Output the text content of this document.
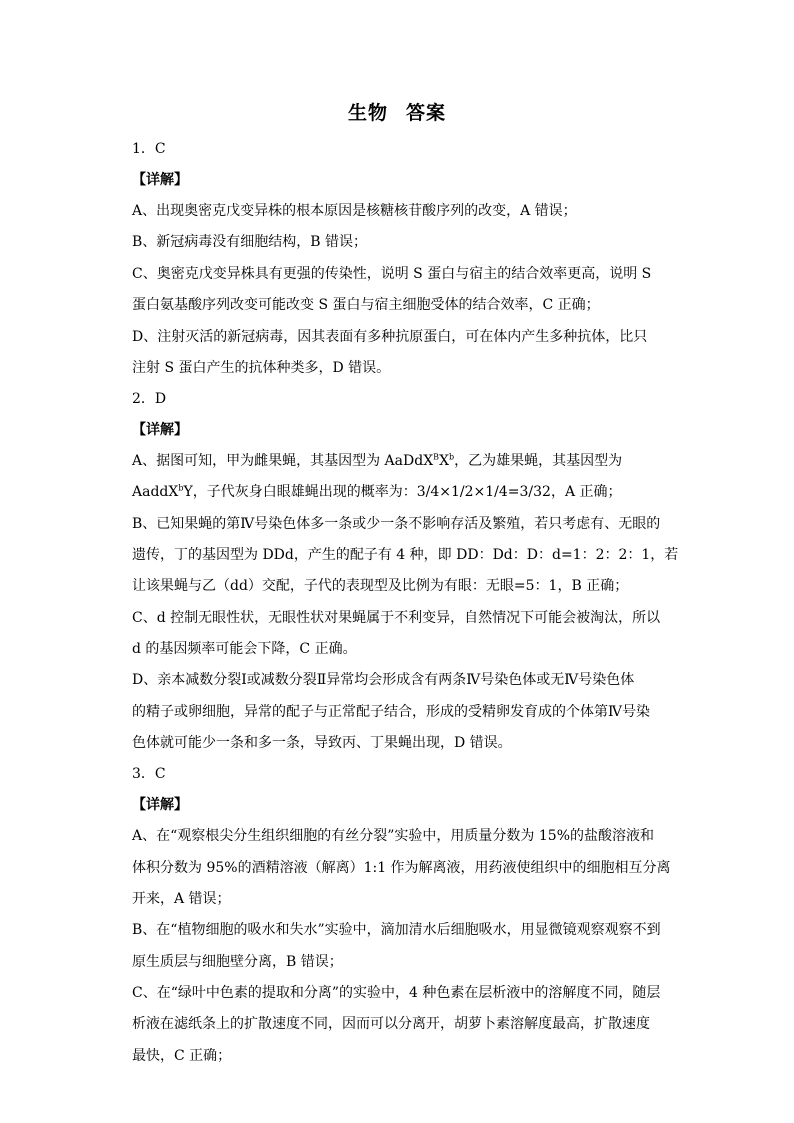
生物 答案
1．C
【详解】
A、出现奥密克戊变异株的根本原因是核糖核苷酸序列的改变，A 错误；
B、新冠病毒没有细胞结构，B 错误；
C、奥密克戊变异株具有更强的传染性，说明 S 蛋白与宿主的结合效率更高，说明 S
蛋白氨基酸序列改变可能改变 S 蛋白与宿主细胞受体的结合效率，C 正确；
D、注射灭活的新冠病毒，因其表面有多种抗原蛋白，可在体内产生多种抗体，比只
注射 S 蛋白产生的抗体种类多，D 错误。
2．D
【详解】
A、据图可知，甲为雌果蝇，其基因型为 $AaDdX^BX^b$，乙为雄果蝇，其基因型为
AaddX$^b$Y，子代灰身白眼雄蝇出现的概率为：3/4×1/2×1/4=3/32，A 正确；
B、已知果蝇的第Ⅳ号染色体多一条或少一条不影响存活及繁殖，若只考虑有、无眼的
遗传，丁的基因型为 DDd，产生的配子有 4 种，即 DD：Dd：D：d=1：2：2：1，若
让该果蝇与乙（dd）交配，子代的表现型及比例为有眼：无眼=5：1，B 正确；
C、d 控制无眼性状，无眼性状对果蝇属于不利变异，自然情况下可能会被淘汰，所以
d 的基因频率可能会下降，C 正确。
D、亲本减数分裂Ⅰ或减数分裂Ⅱ异常均会形成含有两条Ⅳ号染色体或无Ⅳ号染色体
的精子或卵细胞，异常的配子与正常配子结合，形成的受精卵发育成的个体第Ⅳ号染
色体就可能少一条和多一条，导致丙、丁果蝇出现，D 错误。
3．C
【详解】
A、在“观察根尖分生组织细胞的有丝分裂”实验中，用质量分数为 15%的盐酸溶液和
体积分数为 95%的酒精溶液（解离）1:1 作为解离液，用药液使组织中的细胞相互分离
开来，A 错误；
B、在“植物细胞的吸水和失水”实验中，滴加清水后细胞吸水，用显微镜观察观察不到
原生质层与细胞壁分离，B 错误；
C、在“绿叶中色素的提取和分离”的实验中，4 种色素在层析液中的溶解度不同，随层
析液在滤纸条上的扩散速度不同，因而可以分离开，胡萝卜素溶解度最高，扩散速度
最快，C 正确；
